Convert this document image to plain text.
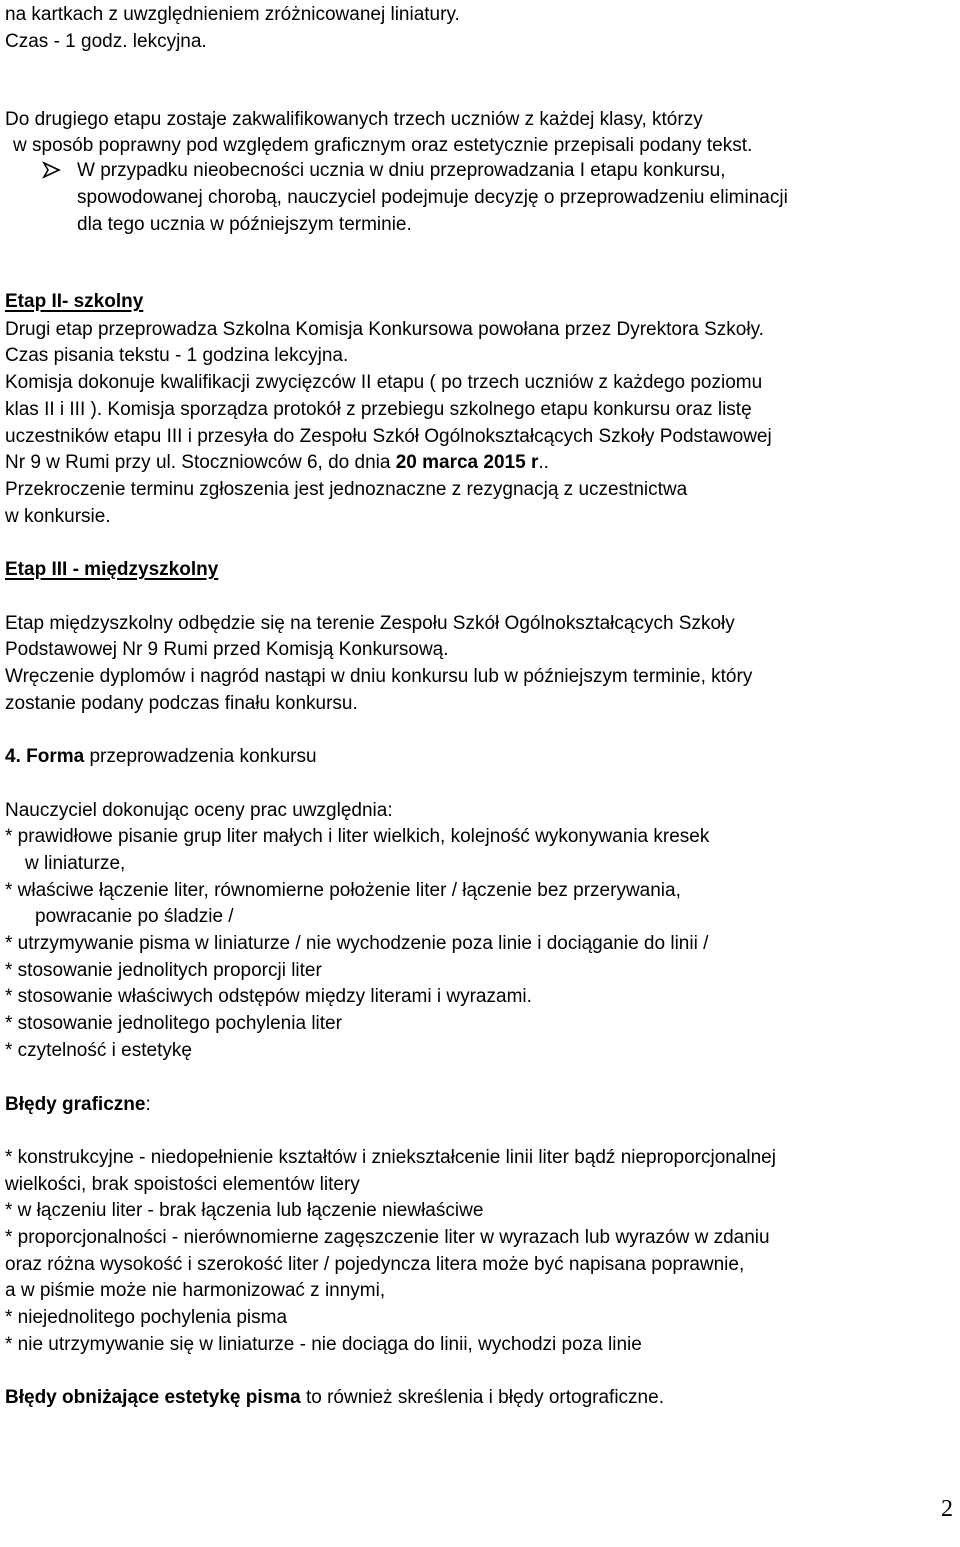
na kartkach z uwzględnieniem zróżnicowanej liniatury.
Czas - 1 godz. lekcyjna.
Do drugiego etapu zostaje zakwalifikowanych trzech uczniów z każdej klasy, którzy
w sposób poprawny pod względem graficznym oraz estetycznie przepisali podany tekst.
W przypadku nieobecności ucznia w dniu przeprowadzania I etapu konkursu,
spowodowanej chorobą, nauczyciel podejmuje decyzję o przeprowadzeniu eliminacji
dla tego ucznia w późniejszym terminie.
Etap II- szkolny
Drugi etap przeprowadza Szkolna Komisja Konkursowa powołana przez Dyrektora Szkoły.
Czas pisania tekstu - 1 godzina lekcyjna.
Komisja dokonuje kwalifikacji zwycięzców II etapu ( po trzech uczniów z każdego poziomu
klas II i III ). Komisja sporządza protokół z przebiegu szkolnego etapu konkursu oraz listę
uczestników etapu III i przesyła do Zespołu Szkół Ogólnokształcących Szkoły Podstawowej
Nr 9 w Rumi przy ul. Stoczniowców 6, do dnia 20 marca 2015 r..
Przekroczenie terminu zgłoszenia jest jednoznaczne z rezygnacją z uczestnictwa
w konkursie.
Etap III - międzyszkolny
Etap międzyszkolny odbędzie się na terenie Zespołu Szkół Ogólnokształcących Szkoły
Podstawowej Nr 9 Rumi przed Komisją Konkursową.
Wręczenie dyplomów i nagród nastąpi w dniu konkursu lub w późniejszym terminie, który
zostanie podany podczas finału konkursu.
4. Forma przeprowadzenia konkursu
Nauczyciel dokonując oceny prac uwzględnia:
* prawidłowe pisanie grup liter małych i liter wielkich, kolejność wykonywania kresek
w liniaturze,
* właściwe łączenie liter, równomierne położenie liter / łączenie bez przerywania,
powracanie po śladzie /
* utrzymywanie pisma w liniaturze / nie wychodzenie poza linie i dociąganie do linii /
* stosowanie jednolitych proporcji liter
* stosowanie właściwych odstępów między literami i wyrazami.
* stosowanie jednolitego pochylenia liter
* czytelność i estetykę
Błędy graficzne:
* konstrukcyjne - niedopełnienie kształtów i zniekształcenie linii liter bądź nieproporcjonalnej
wielkości, brak spoistości elementów litery
* w łączeniu liter - brak łączenia lub łączenie niewłaściwe
* proporcjonalności - nierównomierne zagęszczenie liter w wyrazach lub wyrazów w zdaniu
oraz różna wysokość i szerokość liter / pojedyncza litera może być napisana poprawnie,
a w piśmie może nie harmonizować z innymi,
* niejednolitego pochylenia pisma
* nie utrzymywanie się w liniaturze - nie dociąga do linii, wychodzi poza linie
Błędy obniżające estetykę pisma to również skreślenia i błędy ortograficzne.
2
